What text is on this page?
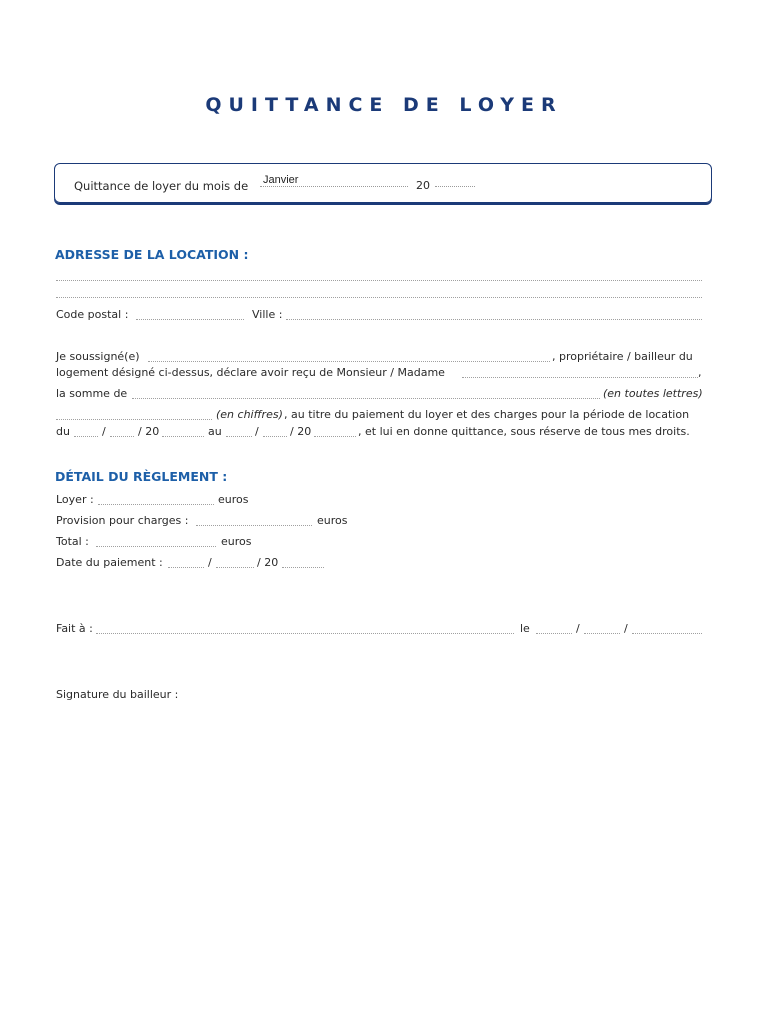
QUITTANCE DE LOYER
Quittance de loyer du mois de Janvier	20
ADRESSE DE LA LOCATION :
Code postal :	Ville :
Je soussigné(e)	, propriétaire / bailleur du
logement désigné ci-dessus, déclare avoir reçu de Monsieur / Madame	,
la somme de	(en toutes lettres)
(en chiffres) , au titre du paiement du loyer et des charges pour la période de location
du	/	/ 20	au	/	/ 20	, et lui en donne quittance, sous réserve de tous mes droits.
DÉTAIL DU RÈGLEMENT :
Loyer :	euros
Provision pour charges :	euros
Total :	euros
Date du paiement :	/	/ 20
Fait à :	le	/	/
Signature du bailleur :
